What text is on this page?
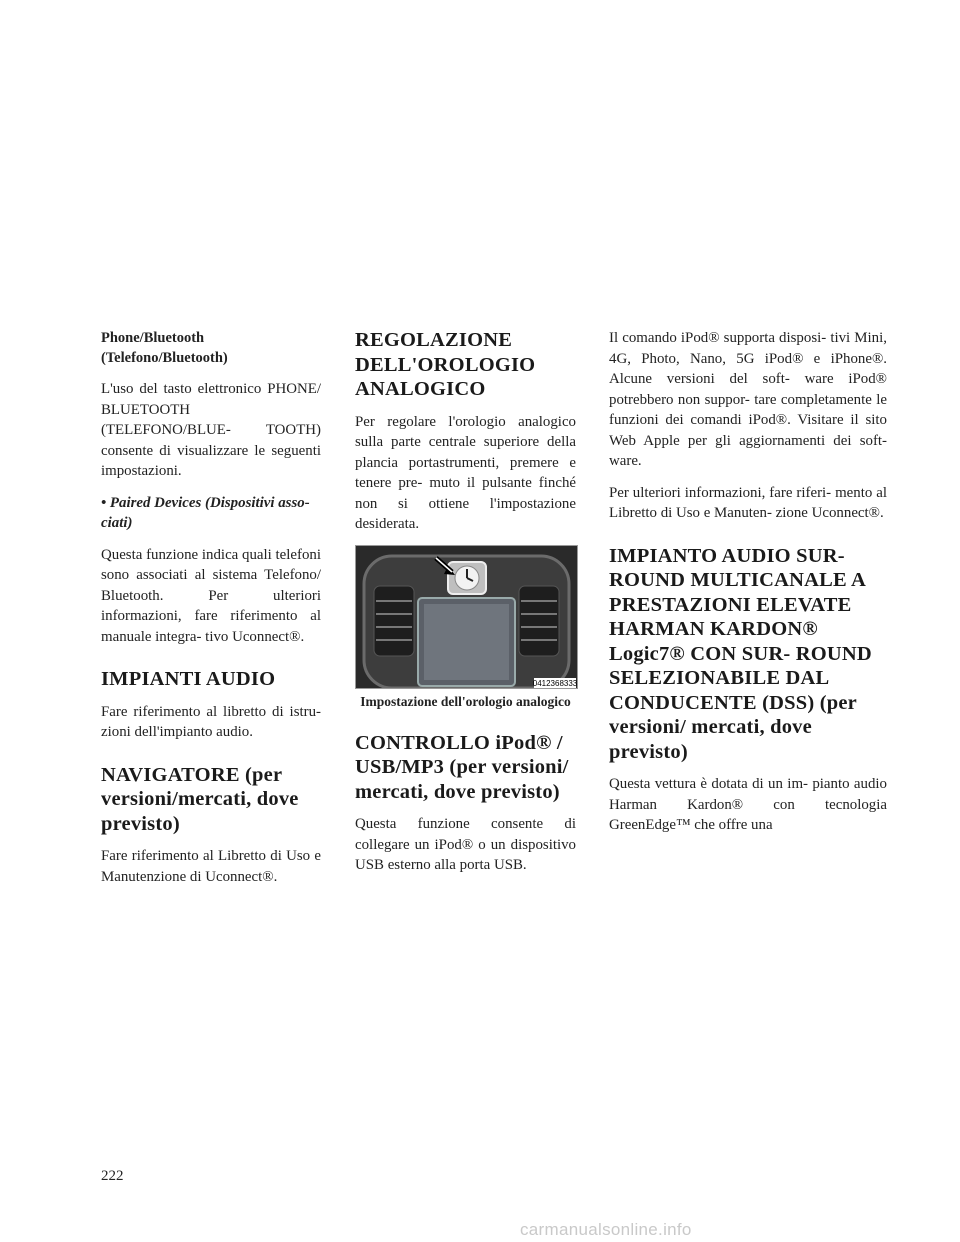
Phone/Bluetooth (Telefono/Bluetooth)

L'uso del tasto elettronico PHONE/ BLUETOOTH (TELEFONO/BLUE- TOOTH) consente di visualizzare le seguenti impostazioni.

• Paired Devices (Dispositivi asso- ciati)

Questa funzione indica quali telefoni sono associati al sistema Telefono/ Bluetooth. Per ulteriori informazioni, fare riferimento al manuale integra- tivo Uconnect®.

IMPIANTI AUDIO

Fare riferimento al libretto di istru- zioni dell'impianto audio.

NAVIGATORE (per versioni/mercati, dove previsto)

Fare riferimento al Libretto di Uso e Manutenzione di Uconnect®.

REGOLAZIONE DELL'OROLOGIO ANALOGICO

Per regolare l'orologio analogico sulla parte centrale superiore della plancia portastrumenti, premere e tenere pre- muto il pulsante finché non si ottiene l'impostazione desiderata.

0412368333

Impostazione dell'orologio analogico

CONTROLLO iPod® / USB/MP3 (per versioni/ mercati, dove previsto)

Questa funzione consente di collegare un iPod® o un dispositivo USB esterno alla porta USB.

Il comando iPod® supporta disposi- tivi Mini, 4G, Photo, Nano, 5G iPod® e iPhone®. Alcune versioni del soft- ware iPod® potrebbero non suppor- tare completamente le funzioni dei comandi iPod®. Visitare il sito Web Apple per gli aggiornamenti dei soft- ware.

Per ulteriori informazioni, fare riferi- mento al Libretto di Uso e Manuten- zione Uconnect®.

IMPIANTO AUDIO SUR- ROUND MULTICANALE A PRESTAZIONI ELEVATE HARMAN KARDON® Logic7® CON SUR- ROUND SELEZIONABILE DAL CONDUCENTE (DSS) (per versioni/ mercati, dove previsto)

Questa vettura è dotata di un im- pianto audio Harman Kardon® con tecnologia GreenEdge™ che offre una

222
carmanualsonline.info
